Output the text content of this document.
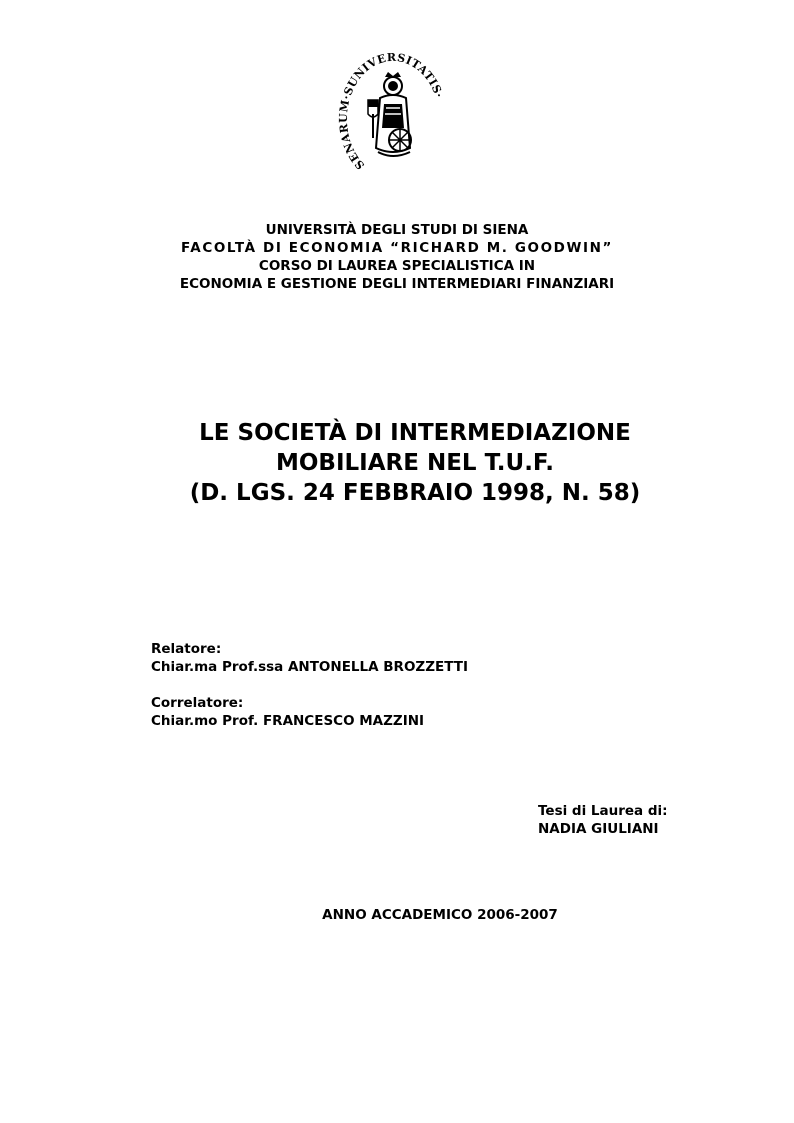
SENARUM·SUNIVERSITATIS·
UNIVERSITÀ DEGLI STUDI DI SIENA
FACOLTÀ DI ECONOMIA “RICHARD M. GOODWIN”
CORSO DI LAUREA SPECIALISTICA IN
ECONOMIA E GESTIONE DEGLI INTERMEDIARI FINANZIARI
LE SOCIETÀ DI INTERMEDIAZIONE
MOBILIARE NEL T.U.F.
(D. LGS. 24 FEBBRAIO 1998, N. 58)
Relatore:
Chiar.ma Prof.ssa ANTONELLA BROZZETTI
Correlatore:
Chiar.mo Prof. FRANCESCO MAZZINI
Tesi di Laurea di:
NADIA GIULIANI
ANNO ACCADEMICO 2006-2007
